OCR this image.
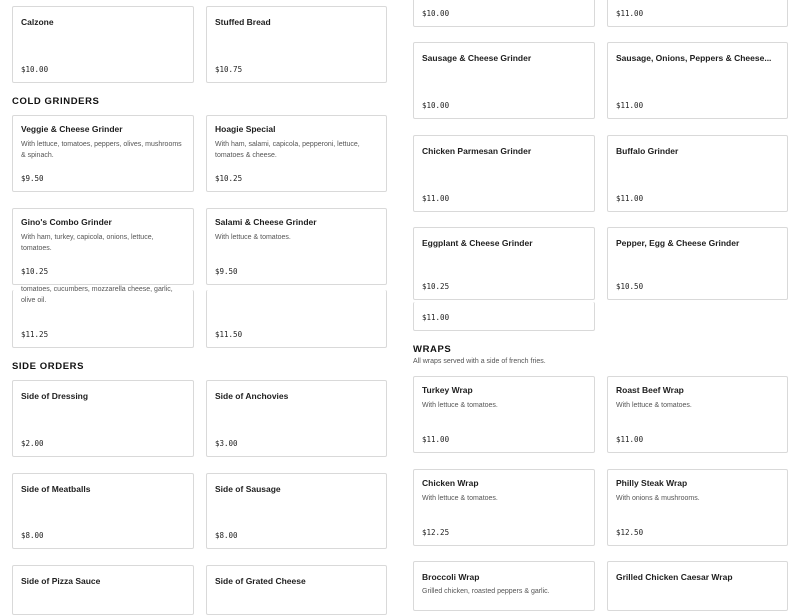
Calzone
$10.00
Stuffed Bread
$10.75
COLD GRINDERS
Veggie & Cheese Grinder
With lettuce, tomatoes, peppers, olives, mushrooms & spinach.
$9.50
Hoagie Special
With ham, salami, capicola, pepperoni, lettuce, tomatoes & cheese.
$10.25
Gino's Combo Grinder
With ham, turkey, capicola, onions, lettuce, tomatoes.
$10.25
Salami & Cheese Grinder
With lettuce & tomatoes.
$9.50
tomatoes, cucumbers, mozzarella cheese, garlic, olive oil.
$11.25	$11.50
SIDE ORDERS
Side of Dressing
$2.00
Side of Anchovies
$3.00
Side of Meatballs
$8.00
Side of Sausage
$8.00
Side of Pizza Sauce	Side of Grated Cheese
$10.00	$11.00
Sausage & Cheese Grinder
$10.00
Sausage, Onions, Peppers & Cheese...
$11.00
Chicken Parmesan Grinder
$11.00
Buffalo Grinder
$11.00
Eggplant & Cheese Grinder
$10.25
Pepper, Egg & Cheese Grinder
$10.50
$11.00
WRAPS
All wraps served with a side of french fries.
Turkey Wrap
With lettuce & tomatoes.
$11.00
Roast Beef Wrap
With lettuce & tomatoes.
$11.00
Chicken Wrap
With lettuce & tomatoes.
$12.25
Philly Steak Wrap
With onions & mushrooms.
$12.50
Broccoli Wrap
Grilled chicken, roasted peppers & garlic.
Grilled Chicken Caesar Wrap
